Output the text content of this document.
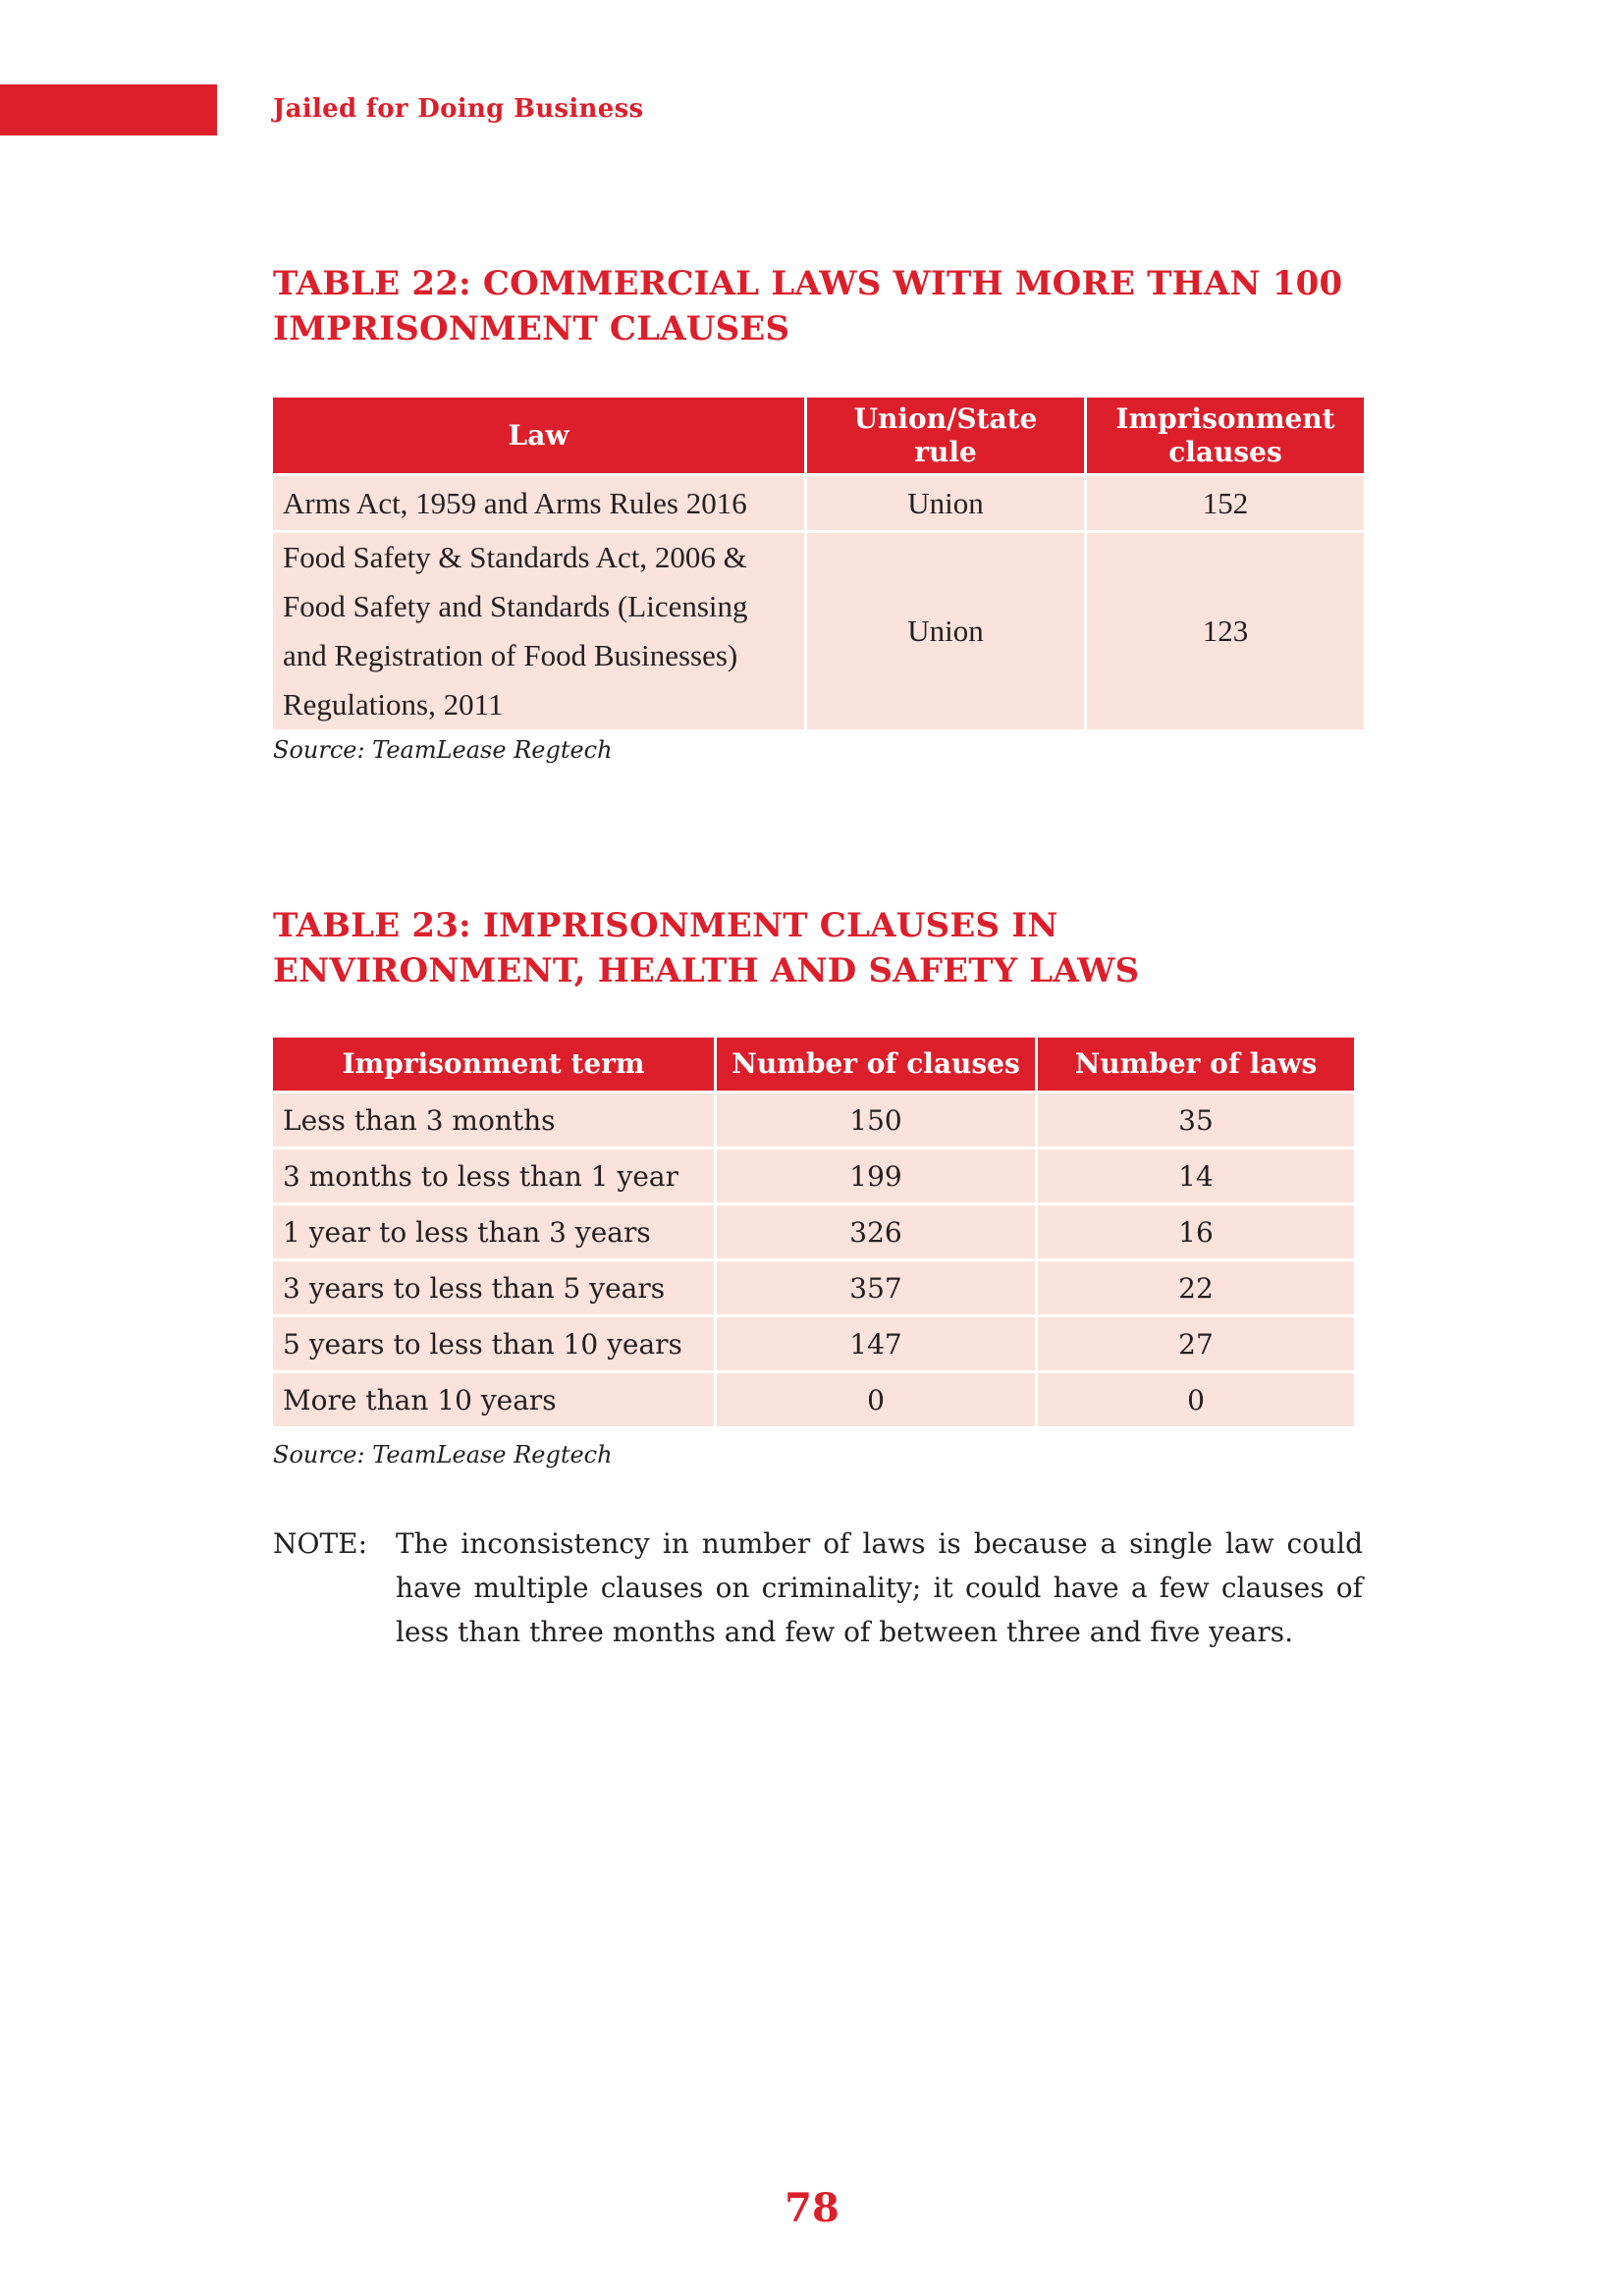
Jailed for Doing Business
TABLE 22: COMMERCIAL LAWS WITH MORE THAN 100 IMPRISONMENT CLAUSES
Law	Union/State rule	Imprisonment clauses
Arms Act, 1959 and Arms Rules 2016	Union	152
Food Safety & Standards Act, 2006 & Food Safety and Standards (Licensing and Registration of Food Businesses) Regulations, 2011	Union	123
Source: TeamLease Regtech
TABLE 23: IMPRISONMENT CLAUSES IN ENVIRONMENT, HEALTH AND SAFETY LAWS
Imprisonment term	Number of clauses	Number of laws
Less than 3 months	150	35
3 months to less than 1 year	199	14
1 year to less than 3 years	326	16
3 years to less than 5 years	357	22
5 years to less than 10 years	147	27
More than 10 years	0	0
Source: TeamLease Regtech
NOTE: The inconsistency in number of laws is because a single law could have multiple clauses on criminality; it could have a few clauses of less than three months and few of between three and five years.

78
